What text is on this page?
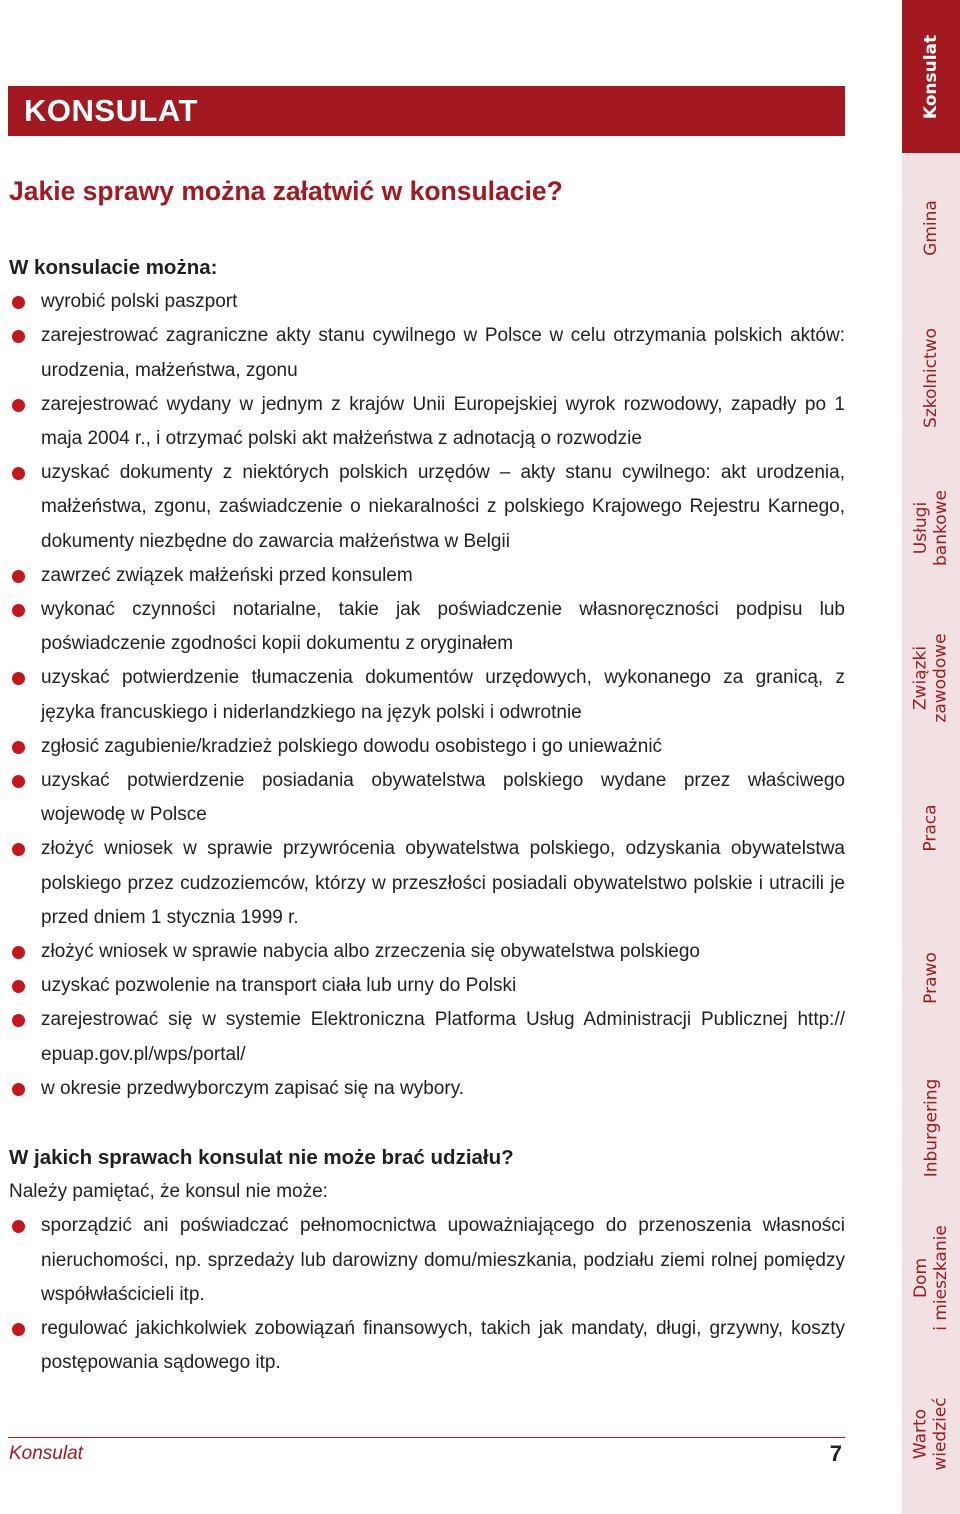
KONSULAT
Jakie sprawy można załatwić w konsulacie?
W konsulacie można:
wyrobić polski paszport
zarejestrować zagraniczne akty stanu cywilnego w Polsce w celu otrzymania polskich aktów: urodzenia, małżeństwa, zgonu
zarejestrować wydany w jednym z krajów Unii Europejskiej wyrok rozwodowy, zapadły po 1 maja 2004 r., i otrzymać polski akt małżeństwa z adnotacją o rozwodzie
uzyskać dokumenty z niektórych polskich urzędów – akty stanu cywilnego: akt urodzenia, małżeństwa, zgonu, zaświadczenie o niekaralności z polskiego Krajowego Rejestru Karnego, dokumenty niezbędne do zawarcia małżeństwa w Belgii
zawrzeć związek małżeński przed konsulem
wykonać czynności notarialne, takie jak poświadczenie własnoręczności podpisu lub poświadczenie zgodności kopii dokumentu z oryginałem
uzyskać potwierdzenie tłumaczenia dokumentów urzędowych, wykonanego za granicą, z języka francuskiego i niderlandzkiego na język polski i odwrotnie
zgłosić zagubienie/kradzież polskiego dowodu osobistego i go unieważnić
uzyskać potwierdzenie posiadania obywatelstwa polskiego wydane przez właściwego wojewodę w Polsce
złożyć wniosek w sprawie przywrócenia obywatelstwa polskiego, odzyskania obywatelstwa polskiego przez cudzoziemców, którzy w przeszłości posiadali obywatelstwo polskie i utracili je przed dniem 1 stycznia 1999 r.
złożyć wniosek w sprawie nabycia albo zrzeczenia się obywatelstwa polskiego
uzyskać pozwolenie na transport ciała lub urny do Polski
zarejestrować się w systemie Elektroniczna Platforma Usług Administracji Publicznej http:// epuap.gov.pl/wps/portal/
w okresie przedwyborczym zapisać się na wybory.
W jakich sprawach konsulat nie może brać udziału?

Należy pamiętać, że konsul nie może:

sporządzić ani poświadczać pełnomocnictwa upoważniającego do przenoszenia własności nieruchomości, np. sprzedaży lub darowizny domu/mieszkania, podziału ziemi rolnej pomiędzy współwłaścicieli itp.
regulować jakichkolwiek zobowiązań finansowych, takich jak mandaty, długi, grzywny, koszty postępowania sądowego itp.
Konsulat	7
Konsulat
Gmina
Szkolnictwo
Usługi bankowe
Związki zawodowe
Praca
Prawo
Inburgering
Dom i mieszkanie
Warto wiedzieć
